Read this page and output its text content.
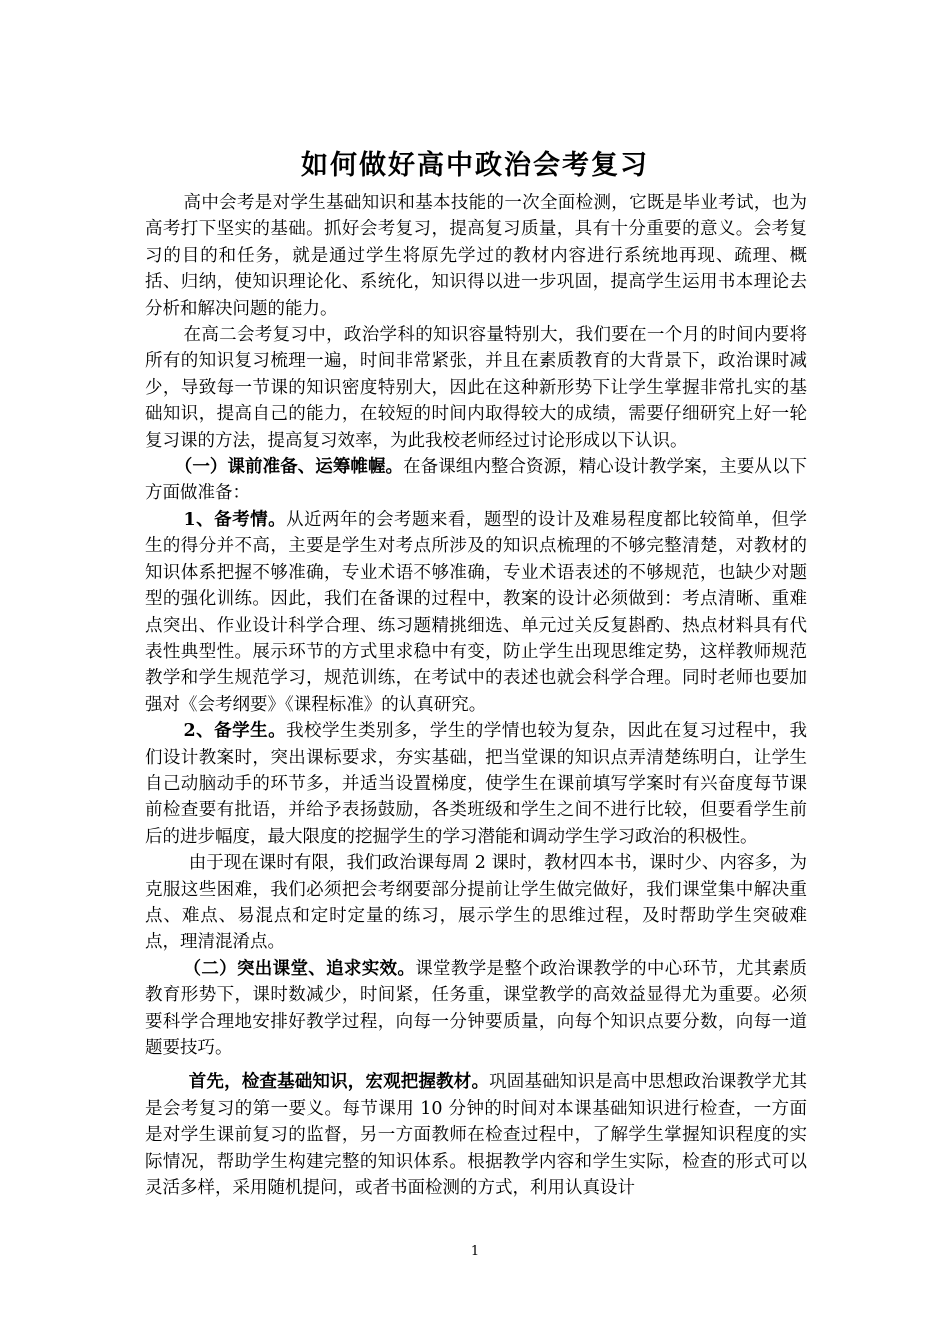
如何做好高中政治会考复习

高中会考是对学生基础知识和基本技能的一次全面检测，它既是毕业考试，也为高考打下坚实的基础。抓好会考复习，提高复习质量，具有十分重要的意义。会考复习的目的和任务，就是通过学生将原先学过的教材内容进行系统地再现、疏理、概括、归纳，使知识理论化、系统化，知识得以进一步巩固，提高学生运用书本理论去分析和解决问题的能力。

在高二会考复习中，政治学科的知识容量特别大，我们要在一个月的时间内要将所有的知识复习梳理一遍，时间非常紧张，并且在素质教育的大背景下，政治课时减少，导致每一节课的知识密度特别大，因此在这种新形势下让学生掌握非常扎实的基础知识，提高自己的能力，在较短的时间内取得较大的成绩，需要仔细研究上好一轮复习课的方法，提高复习效率，为此我校老师经过讨论形成以下认识。

（一）课前准备、运筹帷幄。在备课组内整合资源，精心设计教学案，主要从以下方面做准备：

1、备考情。从近两年的会考题来看，题型的设计及难易程度都比较简单，但学生的得分并不高，主要是学生对考点所涉及的知识点梳理的不够完整清楚，对教材的知识体系把握不够准确，专业术语不够准确，专业术语表述的不够规范，也缺少对题型的强化训练。因此，我们在备课的过程中，教案的设计必须做到：考点清晰、重难点突出、作业设计科学合理、练习题精挑细选、单元过关反复斟酌、热点材料具有代表性典型性。展示环节的方式里求稳中有变，防止学生出现思维定势，这样教师规范教学和学生规范学习，规范训练，在考试中的表述也就会科学合理。同时老师也要加强对《会考纲要》《课程标准》的认真研究。

2、备学生。我校学生类别多，学生的学情也较为复杂，因此在复习过程中，我们设计教案时，突出课标要求，夯实基础，把当堂课的知识点弄清楚练明白，让学生自己动脑动手的环节多，并适当设置梯度，使学生在课前填写学案时有兴奋度每节课前检查要有批语，并给予表扬鼓励，各类班级和学生之间不进行比较，但要看学生前后的进步幅度，最大限度的挖掘学生的学习潜能和调动学生学习政治的积极性。

由于现在课时有限，我们政治课每周 2 课时，教材四本书，课时少、内容多，为克服这些困难，我们必须把会考纲要部分提前让学生做完做好，我们课堂集中解决重点、难点、易混点和定时定量的练习，展示学生的思维过程，及时帮助学生突破难点，理清混淆点。

（二）突出课堂、追求实效。课堂教学是整个政治课教学的中心环节，尤其素质教育形势下，课时数减少，时间紧，任务重，课堂教学的高效益显得尤为重要。必须要科学合理地安排好教学过程，向每一分钟要质量，向每个知识点要分数，向每一道题要技巧。

首先，检查基础知识，宏观把握教材。巩固基础知识是高中思想政治课教学尤其是会考复习的第一要义。每节课用 10 分钟的时间对本课基础知识进行检查，一方面是对学生课前复习的监督，另一方面教师在检查过程中，了解学生掌握知识程度的实际情况，帮助学生构建完整的知识体系。根据教学内容和学生实际，检查的形式可以灵活多样，采用随机提问，或者书面检测的方式，利用认真设计

1
